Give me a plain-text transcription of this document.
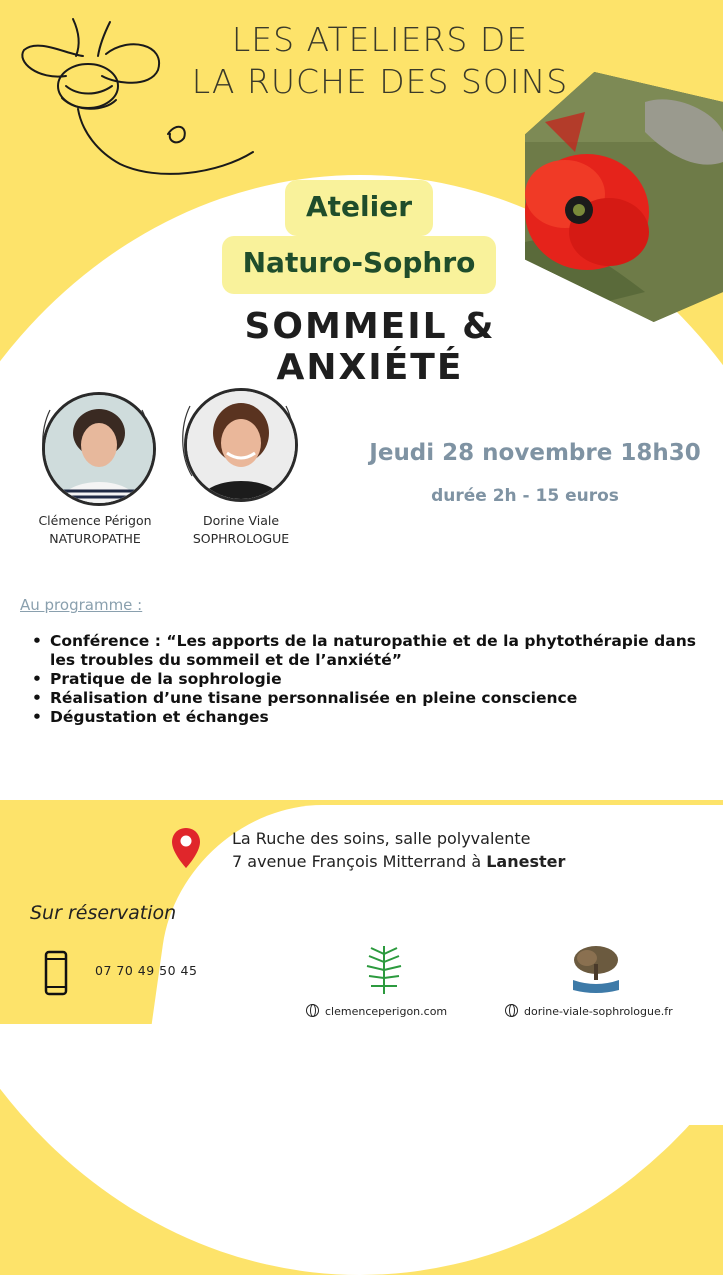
LES ATELIERS DE
LA RUCHE DES SOINS
Atelier
Naturo-Sophro
SOMMEIL & ANXIÉTÉ
Clémence Périgon
NATUROPATHE
Dorine Viale
SOPHROLOGUE
Jeudi 28 novembre 18h30
durée 2h - 15 euros
Au programme :
• Conférence : “Les apports de la naturopathie et de la phytothérapie dans les troubles du sommeil et de l’anxiété”
• Pratique de la sophrologie
• Réalisation d’une tisane personnalisée en pleine conscience
• Dégustation et échanges
La Ruche des soins, salle polyvalente
7 avenue François Mitterrand à Lanester
Sur réservation
07 70 49 50 45
clemenceperigon.com	dorine-viale-sophrologue.fr
